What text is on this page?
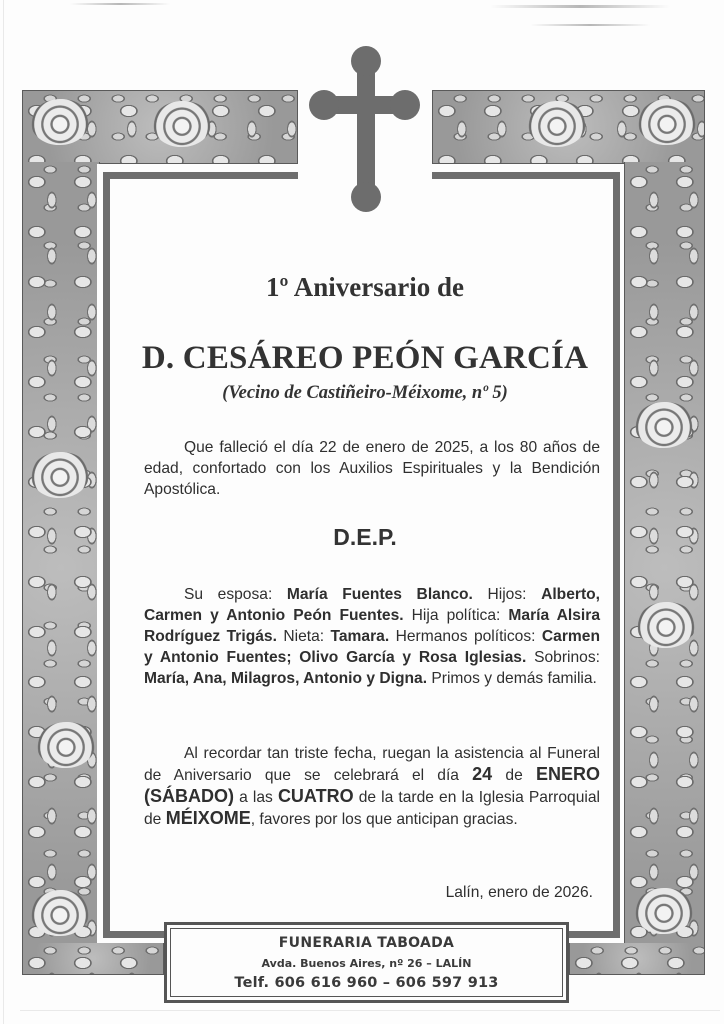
1º Aniversario de
D. CESÁREO PEÓN GARCÍA
(Vecino de Castiñeiro-Méixome, nº 5)
Que falleció el día 22 de enero de 2025, a los 80 años de edad, confortado con los Auxilios Espirituales y la Bendición Apostólica.
D.E.P.
Su esposa: María Fuentes Blanco. Hijos: Alberto, Carmen y Antonio Peón Fuentes. Hija política: María Alsira Rodríguez Trigás. Nieta: Tamara. Hermanos políticos: Carmen y Antonio Fuentes; Olivo García y Rosa Iglesias. Sobrinos: María, Ana, Milagros, Antonio y Digna. Primos y demás familia.
Al recordar tan triste fecha, ruegan la asistencia al Funeral de Aniversario que se celebrará el día 24 de ENERO (SÁBADO) a las CUATRO de la tarde en la Iglesia Parroquial de MÉIXOME, favores por los que anticipan gracias.
Lalín, enero de 2026.
FUNERARIA TABOADA
Avda. Buenos Aires, nº 26 – LALÍN
Telf. 606 616 960 – 606 597 913
